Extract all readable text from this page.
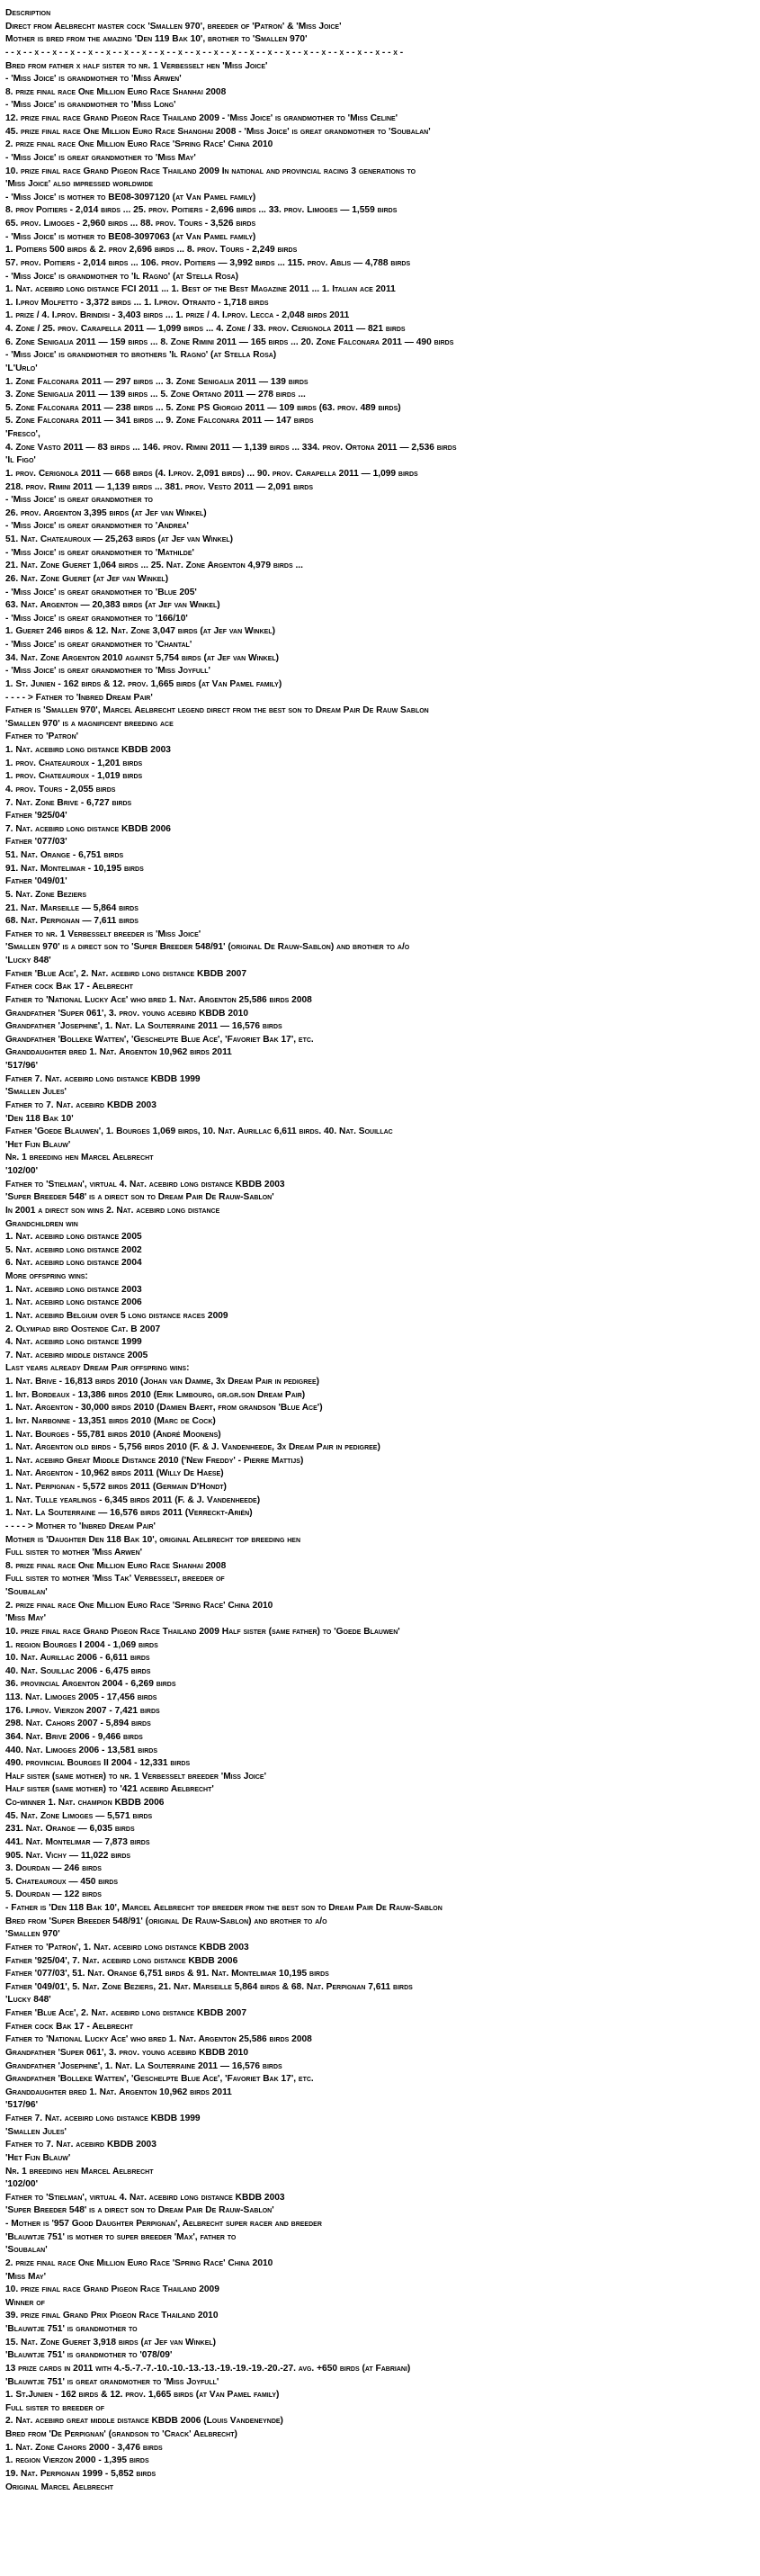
Description
Direct from Aelbrecht master cock 'Smallen 970', breeder of 'Patron' & 'Miss Joice'
Mother is bred from the amazing 'Den 119 Bak 10', brother to 'Smallen 970'
- - x - - x - - x - - x - - x - - x - - x - - x - - x - - x - - x - - x - - x - - x - - x - - x - - x - - x - - x - - x - - x - - x -
Bred from father x half sister to nr. 1 Verbesselt hen 'Miss Joice'
- 'Miss Joice' is grandmother to 'Miss Arwen'
8. prize final race One Million Euro Race Shanhai 2008
- 'Miss Joice' is grandmother to 'Miss Long'
12. prize final race Grand Pigeon Race Thailand 2009 - 'Miss Joice' is grandmother to 'Miss Celine'
45. prize final race One Million Euro Race Shanghai 2008 - 'Miss Joice' is great grandmother to 'Soubalan'
2. prize final race One Million Euro Race 'Spring Race' China 2010
- 'Miss Joice' is great grandmother to 'Miss May'
10. prize final race Grand Pigeon Race Thailand 2009 In national and provincial racing 3 generations to
'Miss Joice' also impressed worldwide
- 'Miss Joice' is mother to BE08-3097120 (at Van Pamel family)
8. prov Poitiers - 2,014 birds ... 25. prov. Poitiers - 2,696 birds ... 33. prov. Limoges — 1,559 birds
65. prov. Limoges - 2,960 birds ... 88. prov. Tours - 3,526 birds
- 'Miss Joice' is mother to BE08-3097063 (at Van Pamel family)
1. Poitiers 500 birds & 2. prov 2,696 birds ... 8. prov. Tours - 2,249 birds
57. prov. Poitiers - 2,014 birds ... 106. prov. Poitiers — 3,992 birds ... 115. prov. Ablis — 4,788 birds
- 'Miss Joice' is grandmother to 'Il Ragno' (at Stella Rosa)
1. Nat. acebird long distance FCI 2011 ... 1. Best of the Best Magazine 2011 ... 1. Italian ace 2011
1. I.prov Molfetto - 3,372 birds ... 1. I.prov. Otranto - 1,718 birds
1. prize / 4. I.prov. Brindisi - 3,403 birds ... 1. prize / 4. I.prov. Lecca - 2,048 birds 2011
4. Zone / 25. prov. Carapella 2011 — 1,099 birds ... 4. Zone / 33. prov. Cerignola 2011 — 821 birds
6. Zone Senigalia 2011 — 159 birds ... 8. Zone Rimini 2011 — 165 birds ... 20. Zone Falconara 2011 — 490 birds
- 'Miss Joice' is grandmother to brothers 'Il Ragno' (at Stella Rosa)
'L'Urlo'
1. Zone Falconara 2011 — 297 birds ... 3. Zone Senigalia 2011 — 139 birds
3. Zone Senigalia 2011 — 139 birds ... 5. Zone Ortano 2011 — 278 birds ...
5. Zone Falconara 2011 — 238 birds ... 5. Zone PS Giorgio 2011 — 109 birds (63. prov. 489 birds)
5. Zone Falconara 2011 — 341 birds ... 9. Zone Falconara 2011 — 147 birds
'Fresco',
4. Zone Vasto 2011 — 83 birds ... 146. prov. Rimini 2011 — 1,139 birds ... 334. prov. Ortona 2011 — 2,536 birds
'Il Figo'
1. prov. Cerignola 2011 — 668 birds (4. I.prov. 2,091 birds) ... 90. prov. Carapella 2011 — 1,099 birds
218. prov. Rimini 2011 — 1,139 birds ... 381. prov. Vesto 2011 — 2,091 birds
- 'Miss Joice' is great grandmother to
26. prov. Argenton 3,395 birds (at Jef van Winkel)
- 'Miss Joice' is great grandmother to 'Andrea'
51. Nat. Chateauroux — 25,263 birds (at Jef van Winkel)
- 'Miss Joice' is great grandmother to 'Mathilde'
21. Nat. Zone Gueret 1,064 birds ... 25. Nat. Zone Argenton 4,979 birds ...
26. Nat. Zone Gueret (at Jef van Winkel)
- 'Miss Joice' is great grandmother to 'Blue 205'
63. Nat. Argenton — 20,383 birds (at Jef van Winkel)
- 'Miss Joice' is great grandmother to '166/10'
1. Gueret 246 birds & 12. Nat. Zone 3,047 birds (at Jef van Winkel)
- 'Miss Joice' is great grandmother to 'Chantal'
34. Nat. Zone Argenton 2010 against 5,754 birds (at Jef van Winkel)
- 'Miss Joice' is great grandmother to 'Miss Joyfull'
1. St. Junien - 162 birds & 12. prov. 1,665 birds (at Van Pamel family)
- - - - > Father to 'Inbred Dream Pair'
Father is 'Smallen 970', Marcel Aelbrecht legend direct from the best son to Dream Pair De Rauw Sablon
'Smallen 970' is a magnificent breeding ace
Father to 'Patron'
1. Nat. acebird long distance KBDB 2003
1. prov. Chateauroux - 1,201 birds
1. prov. Chateauroux - 1,019 birds
4. prov. Tours - 2,055 birds
7. Nat. Zone Brive - 6,727 birds
Father '925/04'
7. Nat. acebird long distance KBDB 2006
Father '077/03'
51. Nat. Orange - 6,751 birds
91. Nat. Montelimar - 10,195 birds
Father '049/01'
5. Nat. Zone Beziers
21. Nat. Marseille — 5,864 birds
68. Nat. Perpignan — 7,611 birds
Father to nr. 1 Verbesselt breeder is 'Miss Joice'
'Smallen 970' is a direct son to 'Super Breeder 548/91' (original De Rauw-Sablon) and brother to a/o
'Lucky 848'
Father 'Blue Ace', 2. Nat. acebird long distance KBDB 2007
Father cock Bak 17 - Aelbrecht
Father to 'National Lucky Ace' who bred 1. Nat. Argenton 25,586 birds 2008
Grandfather 'Super 061', 3. prov. young acebird KBDB 2010
Grandfather 'Josephine', 1. Nat. La Souterraine 2011 — 16,576 birds
Grandfather 'Bolleke Watten', 'Geschelpte Blue Ace', 'Favoriet Bak 17', etc.
Granddaughter bred 1. Nat. Argenton 10,962 birds 2011
'517/96'
Father 7. Nat. acebird long distance KBDB 1999
'Smallen Jules'
Father to 7. Nat. acebird KBDB 2003
'Den 118 Bak 10'
Father 'Goede Blauwen', 1. Bourges 1,069 birds, 10. Nat. Aurillac 6,611 birds. 40. Nat. Souillac
'Het Fijn Blauw'
Nr. 1 breeding hen Marcel Aelbrecht
'102/00'
Father to 'Stielman', virtual 4. Nat. acebird long distance KBDB 2003
'Super Breeder 548' is a direct son to Dream Pair De Rauw-Sablon'
In 2001 a direct son wins 2. Nat. acebird long distance
Grandchildren win
1. Nat. acebird long distance 2005
5. Nat. acebird long distance 2002
6. Nat. acebird long distance 2004
More offspring wins:
1. Nat. acebird long distance 2003
1. Nat. acebird long distance 2006
1. Nat. acebird Belgium over 5 long distance races 2009
2. Olympiad bird Oostende Cat. B 2007
4. Nat. acebird long distance 1999
7. Nat. acebird middle distance 2005
Last years already Dream Pair offspring wins:
1. Nat. Brive - 16,813 birds 2010 (Johan van Damme, 3x Dream Pair in pedigree)
1. Int. Bordeaux - 13,386 birds 2010 (Erik Limbourg, gr.gr.son Dream Pair)
1. Nat. Argenton - 30,000 birds 2010 (Damien Baert, from grandson 'Blue Ace')
1. Int. Narbonne - 13,351 birds 2010 (Marc de Cock)
1. Nat. Bourges - 55,781 birds 2010 (André Moonens)
1. Nat. Argenton old birds - 5,756 birds 2010 (F. & J. Vandenheede, 3x Dream Pair in pedigree)
1. Nat. acebird Great Middle Distance 2010 ('New Freddy' - Pierre Mattijs)
1. Nat. Argenton - 10,962 birds 2011 (Willy De Haese)
1. Nat. Perpignan - 5,572 birds 2011 (Germain D'Hondt)
1. Nat. Tulle yearlings - 6,345 birds 2011 (F. & J. Vandenheede)
1. Nat. La Souterraine — 16,576 birds 2011 (Verreckt-Ariën)
- - - - > Mother to 'Inbred Dream Pair'
Mother is 'Daughter Den 118 Bak 10', original Aelbrecht top breeding hen
Full sister to mother 'Miss Arwen'
8. prize final race One Million Euro Race Shanhai 2008
Full sister to mother 'Miss Tak' Verbesselt, breeder of
'Soubalan'
2. prize final race One Million Euro Race 'Spring Race' China 2010
'Miss May'
10. prize final race Grand Pigeon Race Thailand 2009 Half sister (same father) to 'Goede Blauwen'
1. region Bourges I 2004 - 1,069 birds
10. Nat. Aurillac 2006 - 6,611 birds
40. Nat. Souillac 2006 - 6,475 birds
36. provincial Argenton 2004 - 6,269 birds
113. Nat. Limoges 2005 - 17,456 birds
176. I.prov. Vierzon 2007 - 7,421 birds
298. Nat. Cahors 2007 - 5,894 birds
364. Nat. Brive 2006 - 9,466 birds
440. Nat. Limoges 2006 - 13,581 birds
490. provincial Bourges II 2004 - 12,331 birds
Half sister (same mother) to nr. 1 Verbesselt breeder 'Miss Joice'
Half sister (same mother) to '421 acebird Aelbrecht'
Co-winner 1. Nat. champion KBDB 2006
45. Nat. Zone Limoges — 5,571 birds
231. Nat. Orange — 6,035 birds
441. Nat. Montelimar — 7,873 birds
905. Nat. Vichy — 11,022 birds
3. Dourdan — 246 birds
5. Chateauroux — 450 birds
5. Dourdan — 122 birds
- Father is 'Den 118 Bak 10', Marcel Aelbrecht top breeder from the best son to Dream Pair De Rauw-Sablon
Bred from 'Super Breeder 548/91' (original De Rauw-Sablon) and brother to a/o
'Smallen 970'
Father to 'Patron', 1. Nat. acebird long distance KBDB 2003
Father '925/04', 7. Nat. acebird long distance KBDB 2006
Father '077/03', 51. Nat. Orange 6,751 birds & 91. Nat. Montelimar 10,195 birds
Father '049/01', 5. Nat. Zone Beziers, 21. Nat. Marseille 5,864 birds & 68. Nat. Perpignan 7,611 birds
'Lucky 848'
Father 'Blue Ace', 2. Nat. acebird long distance KBDB 2007
Father cock Bak 17 - Aelbrecht
Father to 'National Lucky Ace' who bred 1. Nat. Argenton 25,586 birds 2008
Grandfather 'Super 061', 3. prov. young acebird KBDB 2010
Grandfather 'Josephine', 1. Nat. La Souterraine 2011 — 16,576 birds
Grandfather 'Bolleke Watten', 'Geschelpte Blue Ace', 'Favoriet Bak 17', etc.
Granddaughter bred 1. Nat. Argenton 10,962 birds 2011
'517/96'
Father 7. Nat. acebird long distance KBDB 1999
'Smallen Jules'
Father to 7. Nat. acebird KBDB 2003
'Het Fijn Blauw'
Nr. 1 breeding hen Marcel Aelbrecht
'102/00'
Father to 'Stielman', virtual 4. Nat. acebird long distance KBDB 2003
'Super Breeder 548' is a direct son to Dream Pair De Rauw-Sablon'
- Mother is '957 Good Daughter Perpignan', Aelbrecht super racer and breeder
'Blauwtje 751' is mother to super breeder 'Max', father to
'Soubalan'
2. prize final race One Million Euro Race 'Spring Race' China 2010
'Miss May'
10. prize final race Grand Pigeon Race Thailand 2009
Winner of
39. prize final Grand Prix Pigeon Race Thailand 2010
'Blauwtje 751' is grandmother to
15. Nat. Zone Gueret 3,918 birds (at Jef van Winkel)
'Blauwtje 751' is grandmother to '078/09'
13 prize cards in 2011 with 4.-5.-7.-7.-10.-10.-13.-13.-19.-19.-19.-20.-27. avg. +650 birds (at Fabriani)
'Blauwtje 751' is great grandmother to 'Miss Joyfull'
1. St.Junien - 162 birds & 12. prov. 1,665 birds (at Van Pamel family)
Full sister to breeder of
2. Nat. acebird great middle distance KBDB 2006 (Louis Vandeneynde)
Bred from 'De Perpignan' (grandson to 'Crack' Aelbrecht)
1. Nat. Zone Cahors 2000 - 3,476 birds
1. region Vierzon 2000 - 1,395 birds
19. Nat. Perpignan 1999 - 5,852 birds
Original Marcel Aelbrecht
